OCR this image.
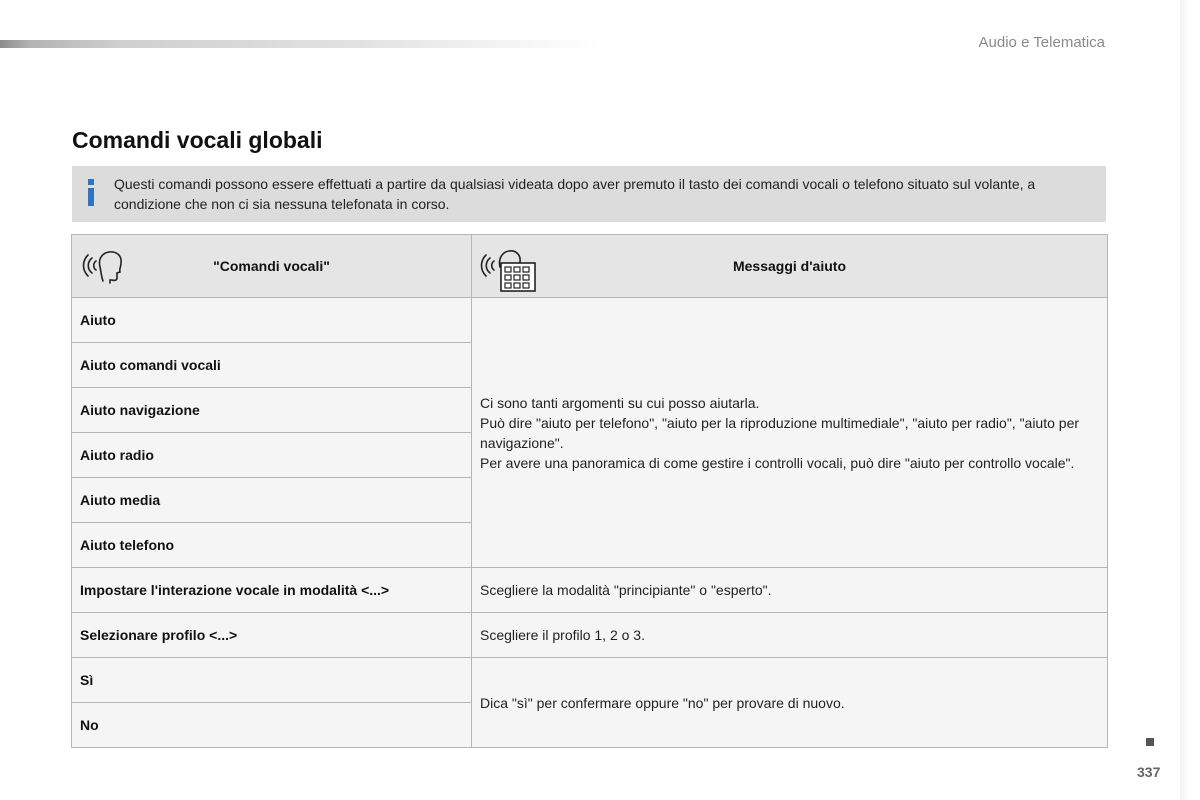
Audio e Telematica
Comandi vocali globali
Questi comandi possono essere effettuati a partire da qualsiasi videata dopo aver premuto il tasto dei comandi vocali o telefono situato sul volante, a condizione che non ci sia nessuna telefonata in corso.
"Comandi vocali"	Messaggi d'aiuto

Aiuto	Ci sono tanti argomenti su cui posso aiutarla.
Può dire "aiuto per telefono", "aiuto per la riproduzione multimediale", "aiuto per radio", "aiuto per navigazione".
Per avere una panoramica di come gestire i controlli vocali, può dire "aiuto per controllo vocale".

Aiuto comandi vocali	
Aiuto navigazione	
Aiuto radio	
Aiuto media	
Aiuto telefono	
Impostare l'interazione vocale in modalità <...>	Scegliere la modalità "principiante" o "esperto".
Selezionare profilo <...>	Scegliere il profilo 1, 2 o 3.
Sì	Dica "sì" per confermare oppure "no" per provare di nuovo.
No	
337
